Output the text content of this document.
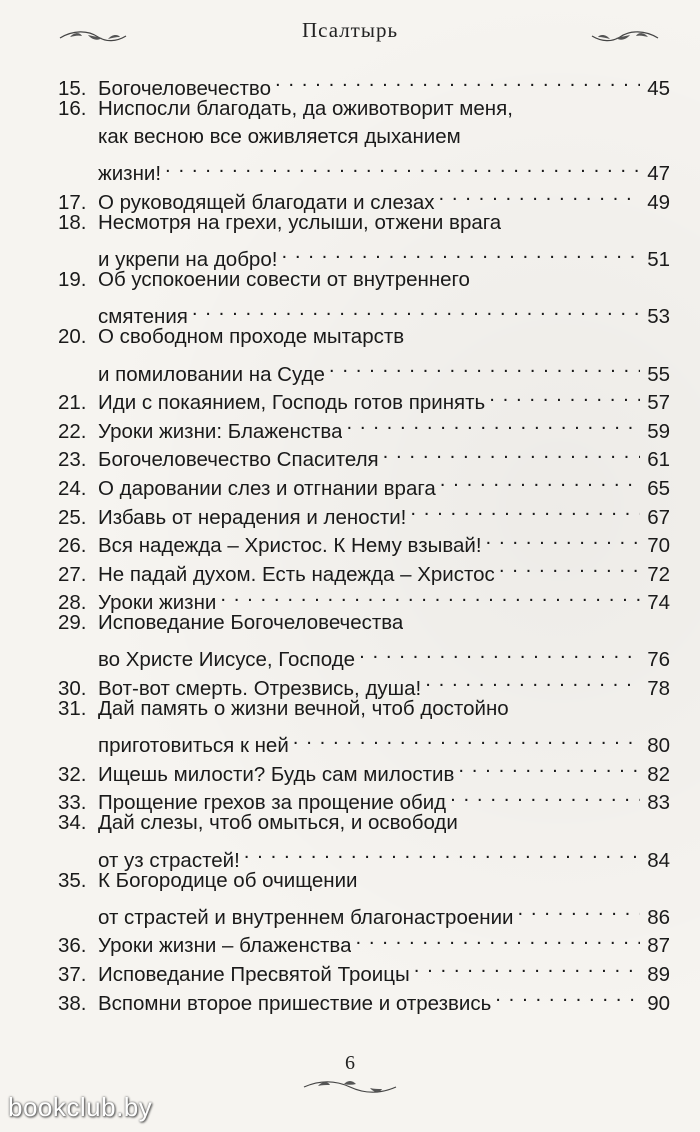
Псалтырь
15. Богочеловечество . . .	45
16. Ниспосли благодать, да оживотворит меня,
как весною все оживляется дыханием
жизни! . . .	47
17. О руководящей благодати и слезах . . .	49
18. Несмотря на грехи, услыши, отжени врага
и укрепи на добро! . . .	51
19. Об успокоении совести от внутреннего
смятения . . .	53
20. О свободном проходе мытарств
и помиловании на Суде . . .	55
21. Иди с покаянием, Господь готов принять . . .	57
22. Уроки жизни: Блаженства . . .	59
23. Богочеловечество Спасителя . . .	61
24. О даровании слез и отгнании врага . . .	65
25. Избавь от нерадения и лености! . . .	67
26. Вся надежда – Христос. К Нему взывай! . . .	70
27. Не падай духом. Есть надежда – Христос . . .	72
28. Уроки жизни . . .	74
29. Исповедание Богочеловечества
во Христе Иисусе, Господе . . .	76
30. Вот-вот смерть. Отрезвись, душа! . . .	78
31. Дай память о жизни вечной, чтоб достойно
приготовиться к ней . . .	80
32. Ищешь милости? Будь сам милостив . . .	82
33. Прощение грехов за прощение обид . . .	83
34. Дай слезы, чтоб омыться, и освободи
от уз страстей! . . .	84
35. К Богородице об очищении
от страстей и внутреннем благонастроении . . .	86
36. Уроки жизни – блаженства . . .	87
37. Исповедание Пресвятой Троицы . . .	89
38. Вспомни второе пришествие и отрезвись . . .	90
6
bookclub.by
